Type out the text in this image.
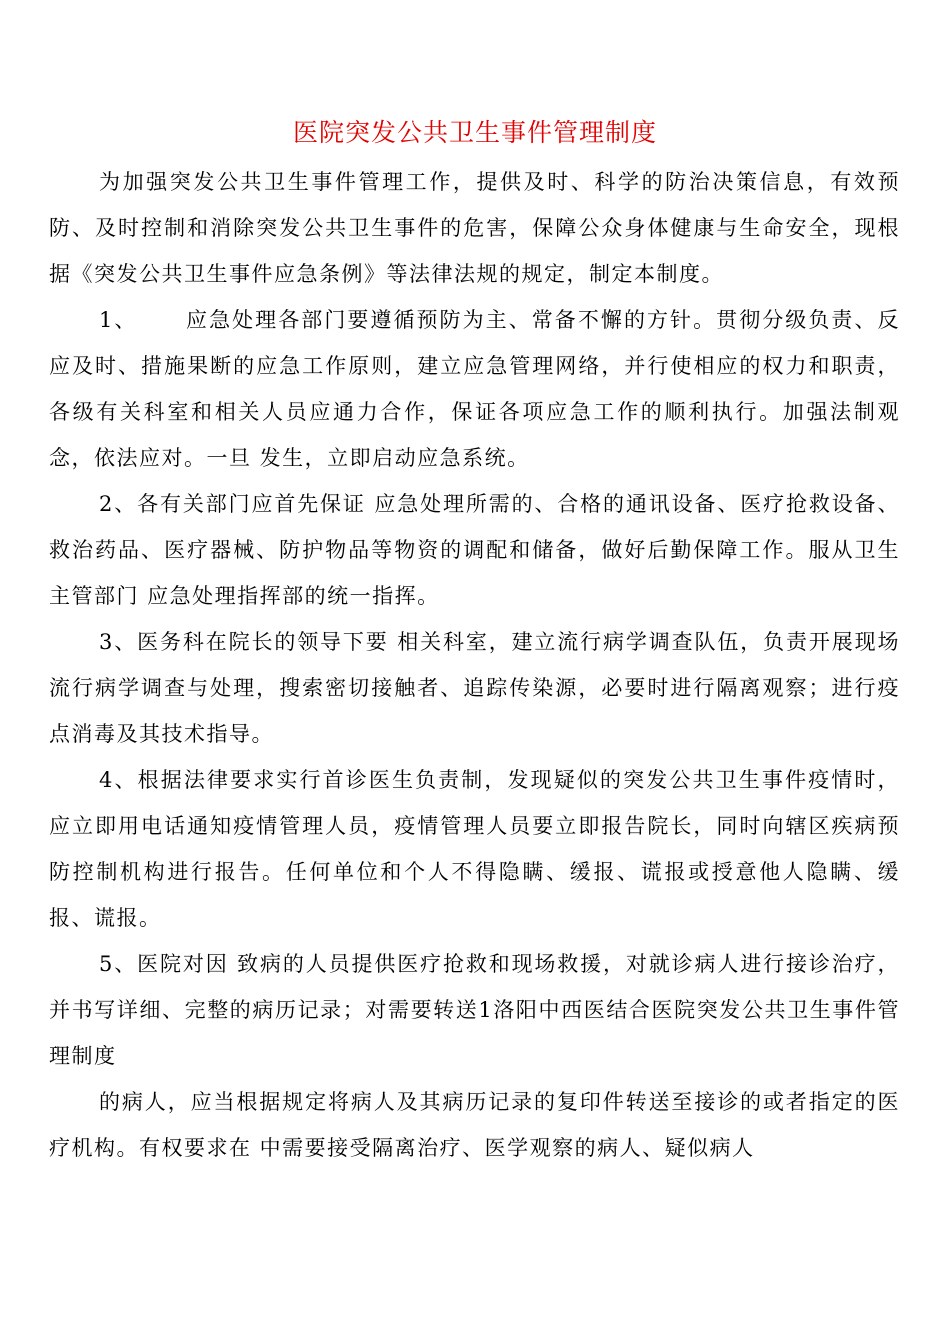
医院突发公共卫生事件管理制度

为加强突发公共卫生事件管理工作，提供及时、科学的防治决策信息，有效预防、及时控制和消除突发公共卫生事件的危害，保障公众身体健康与生命安全，现根据《突发公共卫生事件应急条例》等法律法规的规定，制定本制度。

1、 应急处理各部门要遵循预防为主、常备不懈的方针。贯彻分级负责、反应及时、措施果断的应急工作原则，建立应急管理网络，并行使相应的权力和职责，各级有关科室和相关人员应通力合作，保证各项应急工作的顺利执行。加强法制观念，依法应对。一旦 发生，立即启动应急系统。

2、各有关部门应首先保证 应急处理所需的、合格的通讯设备、医疗抢救设备、救治药品、医疗器械、防护物品等物资的调配和储备，做好后勤保障工作。服从卫生主管部门 应急处理指挥部的统一指挥。

3、医务科在院长的领导下要 相关科室，建立流行病学调查队伍，负责开展现场流行病学调查与处理，搜索密切接触者、追踪传染源，必要时进行隔离观察；进行疫点消毒及其技术指导。

4、根据法律要求实行首诊医生负责制，发现疑似的突发公共卫生事件疫情时，应立即用电话通知疫情管理人员，疫情管理人员要立即报告院长，同时向辖区疾病预防控制机构进行报告。任何单位和个人不得隐瞒、缓报、谎报或授意他人隐瞒、缓报、谎报。

5、医院对因 致病的人员提供医疗抢救和现场救援，对就诊病人进行接诊治疗，并书写详细、完整的病历记录；对需要转送1洛阳中西医结合医院突发公共卫生事件管理制度

的病人，应当根据规定将病人及其病历记录的复印件转送至接诊的或者指定的医疗机构。有权要求在 中需要接受隔离治疗、医学观察的病人、疑似病人
